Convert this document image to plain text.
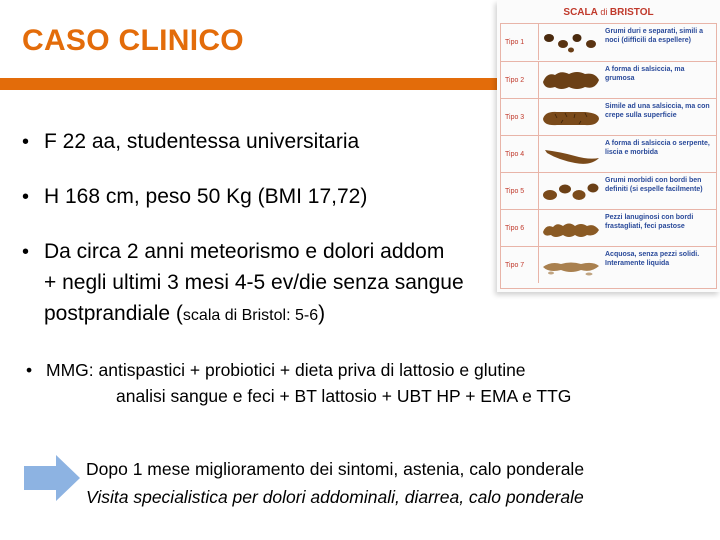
CASO CLINICO
• F 22 aa, studentessa universitaria
• H 168 cm, peso 50 Kg (BMI 17,72)
• Da circa 2 anni meteorismo e dolori addom
+ negli ultimi 3 mesi 4-5 ev/die senza sangue
postprandiale (scala di Bristol: 5-6)
SCALA di BRISTOL
Tipo 1
Grumi duri e separati, simili a noci (difficili da espellere)
Tipo 2
A forma di salsiccia, ma grumosa
Tipo 3
Simile ad una salsiccia, ma con crepe sulla superficie
Tipo 4
A forma di salsiccia o serpente, liscia e morbida
Tipo 5
Grumi morbidi con bordi ben definiti (si espelle facilmente)
Tipo 6
Pezzi lanuginosi con bordi frastagliati, feci pastose
Tipo 7
Acquosa, senza pezzi solidi. Interamente liquida
• MMG: antispastici + probiotici + dieta priva di lattosio e glutine
analisi sangue e feci + BT lattosio + UBT HP + EMA e TTG
Dopo 1 mese miglioramento dei sintomi, astenia, calo ponderale
Visita specialistica per dolori addominali, diarrea, calo ponderale
